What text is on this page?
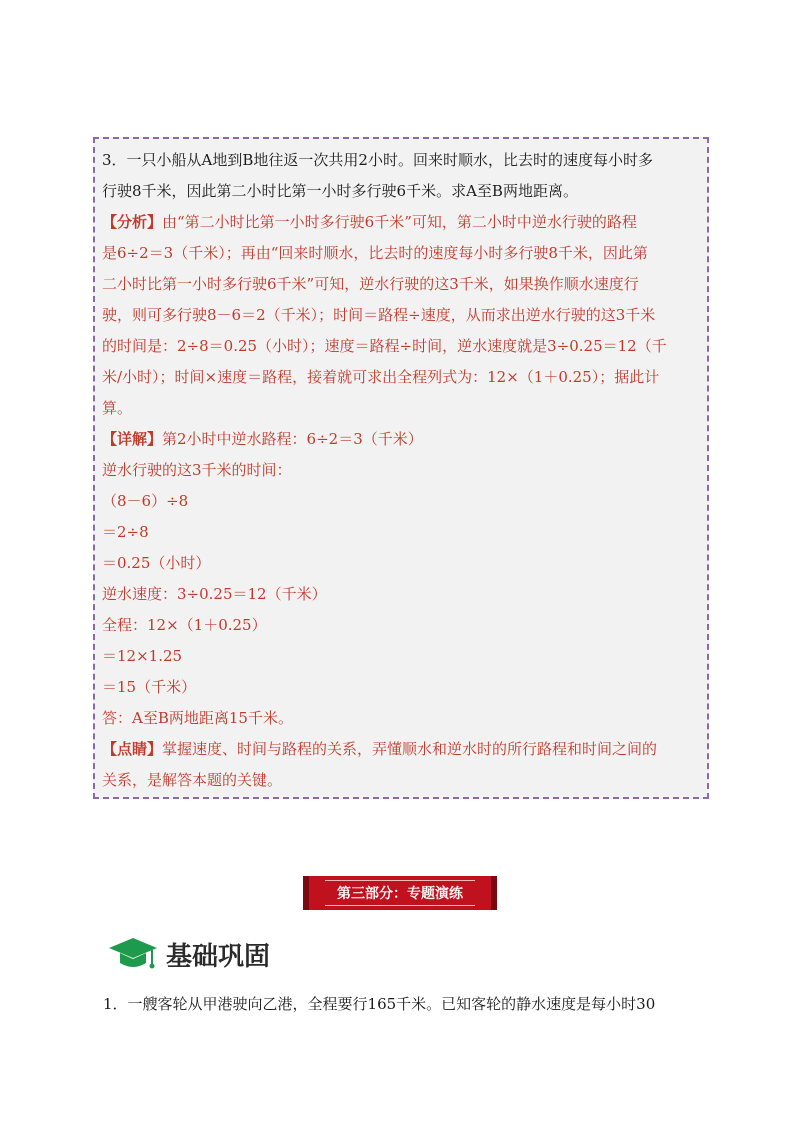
3．一只小船从A地到B地往返一次共用2小时。回来时顺水，比去时的速度每小时多
行驶8千米，因此第二小时比第一小时多行驶6千米。求A至B两地距离。
【分析】由“第二小时比第一小时多行驶6千米”可知，第二小时中逆水行驶的路程
是6÷2＝3（千米）；再由“回来时顺水，比去时的速度每小时多行驶8千米，因此第
二小时比第一小时多行驶6千米”可知，逆水行驶的这3千米，如果换作顺水速度行
驶，则可多行驶8－6＝2（千米）；时间＝路程÷速度，从而求出逆水行驶的这3千米
的时间是：2÷8＝0.25（小时）；速度＝路程÷时间，逆水速度就是3÷0.25＝12（千
米/小时）；时间×速度＝路程，接着就可求出全程列式为：12×（1＋0.25）；据此计
算。
【详解】第2小时中逆水路程：6÷2＝3（千米）
逆水行驶的这3千米的时间：
（8－6）÷8
＝2÷8
＝0.25（小时）
逆水速度：3÷0.25＝12（千米）
全程：12×（1＋0.25）
＝12×1.25
＝15（千米）
答：A至B两地距离15千米。
【点睛】掌握速度、时间与路程的关系，弄懂顺水和逆水时的所行路程和时间之间的
关系，是解答本题的关键。
第三部分：专题演练
基础巩固
1．一艘客轮从甲港驶向乙港，全程要行165千米。已知客轮的静水速度是每小时30
